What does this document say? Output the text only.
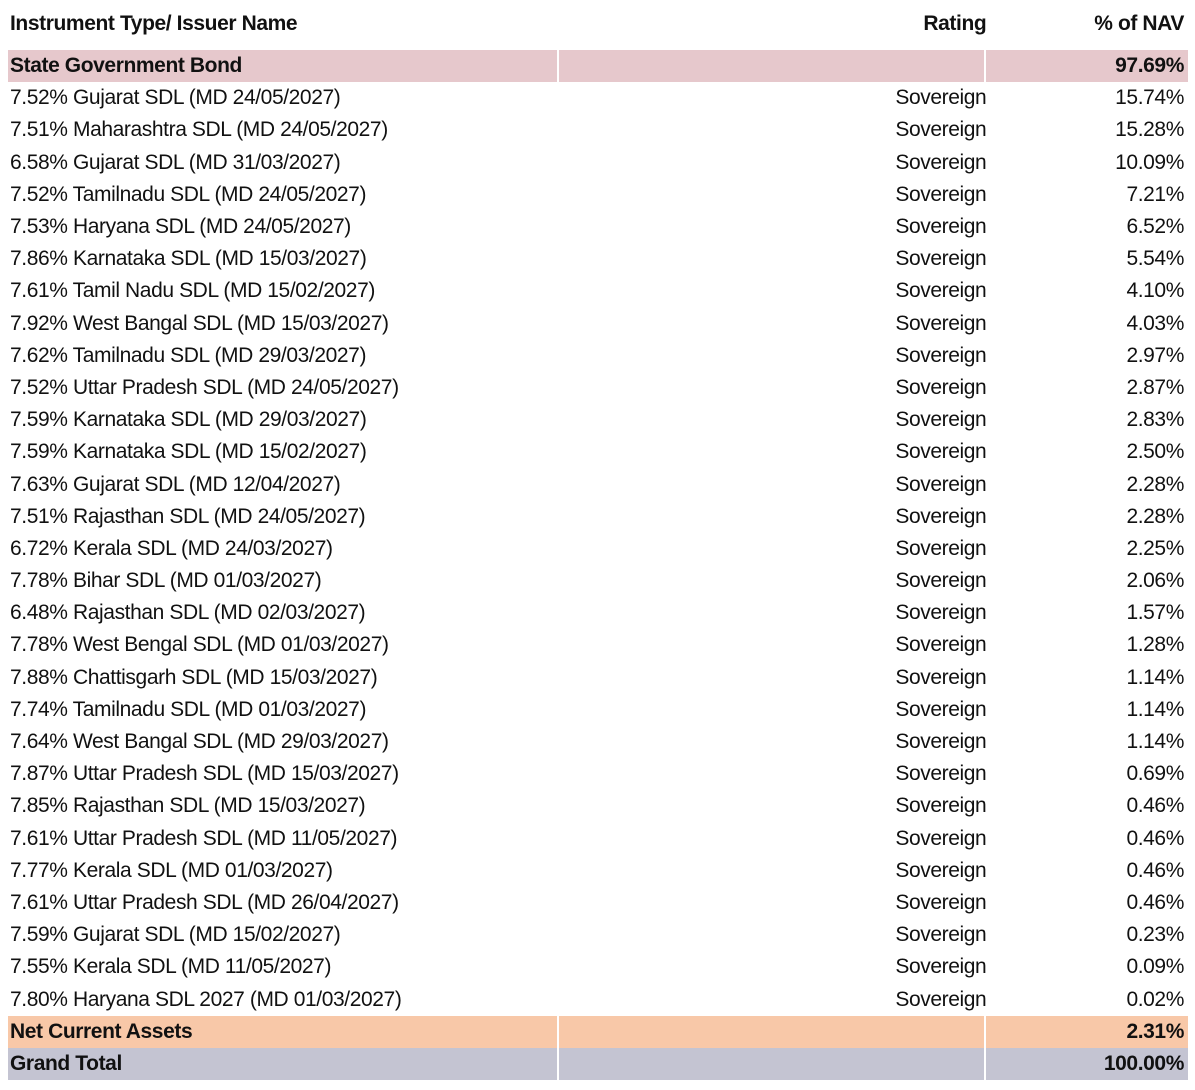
Instrument Type/ Issuer Name	Rating	% of NAV
State Government Bond	97.69%
7.52% Gujarat SDL (MD 24/05/2027)	Sovereign	15.74%
7.51% Maharashtra SDL (MD 24/05/2027)	Sovereign	15.28%
6.58% Gujarat SDL (MD 31/03/2027)	Sovereign	10.09%
7.52% Tamilnadu SDL (MD 24/05/2027)	Sovereign	7.21%
7.53% Haryana SDL (MD 24/05/2027)	Sovereign	6.52%
7.86% Karnataka SDL (MD 15/03/2027)	Sovereign	5.54%
7.61% Tamil Nadu SDL (MD 15/02/2027)	Sovereign	4.10%
7.92% West Bangal SDL (MD 15/03/2027)	Sovereign	4.03%
7.62% Tamilnadu SDL (MD 29/03/2027)	Sovereign	2.97%
7.52% Uttar Pradesh SDL (MD 24/05/2027)	Sovereign	2.87%
7.59% Karnataka SDL (MD 29/03/2027)	Sovereign	2.83%
7.59% Karnataka SDL (MD 15/02/2027)	Sovereign	2.50%
7.63% Gujarat SDL (MD 12/04/2027)	Sovereign	2.28%
7.51% Rajasthan SDL (MD 24/05/2027)	Sovereign	2.28%
6.72% Kerala SDL (MD 24/03/2027)	Sovereign	2.25%
7.78% Bihar SDL (MD 01/03/2027)	Sovereign	2.06%
6.48% Rajasthan SDL (MD 02/03/2027)	Sovereign	1.57%
7.78% West Bengal SDL (MD 01/03/2027)	Sovereign	1.28%
7.88% Chattisgarh SDL (MD 15/03/2027)	Sovereign	1.14%
7.74% Tamilnadu SDL (MD 01/03/2027)	Sovereign	1.14%
7.64% West Bangal SDL (MD 29/03/2027)	Sovereign	1.14%
7.87% Uttar Pradesh SDL (MD 15/03/2027)	Sovereign	0.69%
7.85% Rajasthan SDL (MD 15/03/2027)	Sovereign	0.46%
7.61% Uttar Pradesh SDL (MD 11/05/2027)	Sovereign	0.46%
7.77% Kerala SDL (MD 01/03/2027)	Sovereign	0.46%
7.61% Uttar Pradesh SDL (MD 26/04/2027)	Sovereign	0.46%
7.59% Gujarat SDL (MD 15/02/2027)	Sovereign	0.23%
7.55% Kerala SDL (MD 11/05/2027)	Sovereign	0.09%
7.80% Haryana SDL 2027 (MD 01/03/2027)	Sovereign	0.02%
Net Current Assets	2.31%
Grand Total	100.00%
